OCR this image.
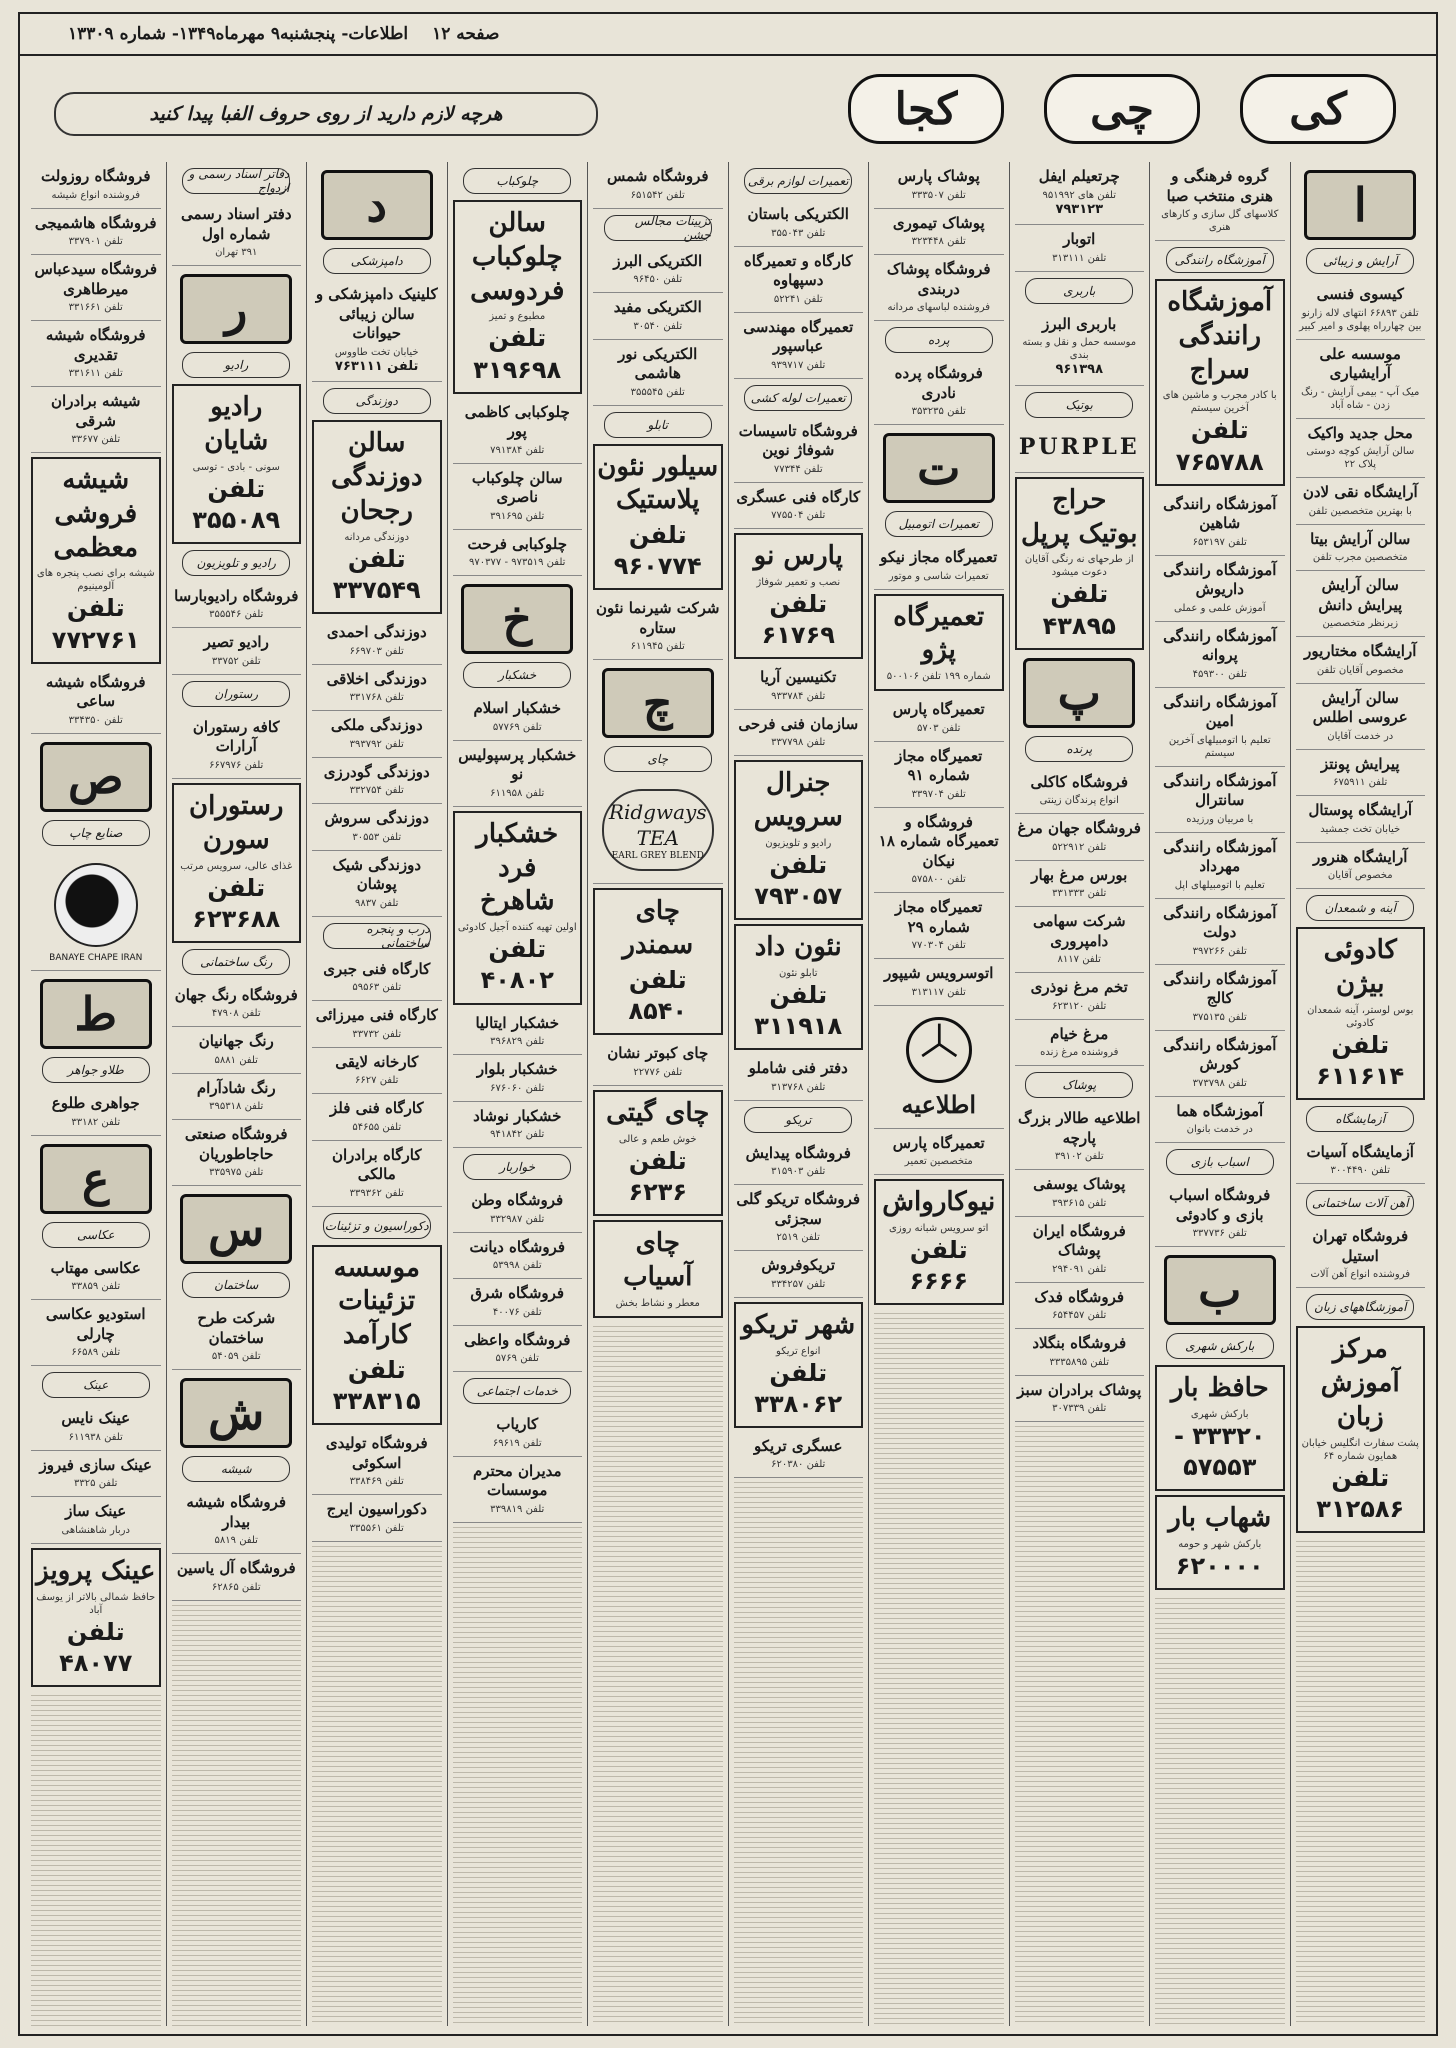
صفحه ۱۲
اطلاعات- پنجشنبه۹ مهرماه۱۳۴۹- شماره ۱۳۳۰۹
کی
چی
کجا
هرچه لازم دارید از روی حروف الفبا پیدا کنید
ا
آرایش و زیبائی
کیسوی فنسی
تلفن ۶۶۸۹۳ انتهای لاله زارنو بین چهارراه پهلوی و امیر کبیر
موسسه علی آرایشیاری
میک آپ - بیمی آرایش - رنگ زدن - شاه آباد
محل جدید واکیک
سالن آرایش کوچه دوستی پلاک ۲۲
آرایشگاه نقی لادن
با بهترین متخصصین تلفن
سالن آرایش بیتا
متخصصین مجرب تلفن
سالن آرایش پیرایش دانش
زیرنظر متخصصین
آرایشگاه مختاریور
مخصوص آقایان تلفن
سالن آرایش عروسی اطلس
در خدمت آقایان
پیرایش پونتز
تلفن ۶۷۵۹۱۱
آرایشگاه پوستال
خیابان تخت جمشید
آرایشگاه هنرور
مخصوص آقایان
آینه و شمعدان
کادوئی بیژن
بوس لوستر، آینه شمعدان کادوئی
تلفن ۶۱۱۶۱۴
آزمایشگاه
آزمایشگاه آسیات
تلفن ۳۰۰۴۴۹۰
آهن آلات ساختمانی
فروشگاه تهران استیل
فروشنده انواع آهن آلات
آموزشگاههای زبان
مرکز آموزش زبان
پشت سفارت انگلیس خیابان همایون شماره ۶۴
تلفن ۳۱۲۵۸۶
گروه فرهنگی و هنری منتخب صبا
کلاسهای گل سازی و کارهای هنری
آموزشگاه رانندگی
آموزشگاه رانندگی سراج
با کادر مجرب و ماشین های آخرین سیستم
تلفن ۷۶۵۷۸۸
آموزشگاه رانندگی شاهین
تلفن ۶۵۳۱۹۷
آموزشگاه رانندگی داریوش
آموزش علمی و عملی
آموزشگاه رانندگی پروانه
تلفن ۴۵۹۳۰۰
آموزشگاه رانندگی امین
تعلیم با اتومبیلهای آخرین سیستم
آموزشگاه رانندگی سانترال
با مربیان ورزیده
آموزشگاه رانندگی مهرداد
تعلیم با اتومبیلهای اپل
آموزشگاه رانندگی دولت
تلفن ۳۹۷۲۶۶
آموزشگاه رانندگی کالج
تلفن ۳۷۵۱۳۵
آموزشگاه رانندگی کورش
تلفن ۳۷۳۷۹۸
آموزشگاه هما
در خدمت بانوان
اسباب بازی
فروشگاه اسباب بازی و کادوئی
تلفن ۳۳۷۷۳۶
ب
بارکش شهری
حافظ بار
بارکش شهری
۳۳۳۲۰ - ۵۷۵۵۳
شهاب بار
بارکش شهر و حومه
۶۲۰۰۰۰
چرتعیلم ایفل
تلفن های ۹۵۱۹۹۲
۷۹۳۱۲۳
اتوبار
تلفن ۳۱۳۱۱۱
باربری
باربری البرز
موسسه حمل و نقل و بسته بندی
۹۶۱۳۹۸
بوتیک
PURPLE
حراج بوتیک پرپل
از طرحهای نه رنگی آقایان دعوت میشود
تلفن ۴۳۸۹۵
پ
پرنده
فروشگاه کاکلی
انواع پرندگان زینتی
فروشگاه جهان مرغ
تلفن ۵۲۲۹۱۲
بورس مرغ بهار
تلفن ۳۳۱۳۳۳
شرکت سهامی دامپروری
تلفن ۸۱۱۷
تخم مرغ نوذری
تلفن ۶۲۳۱۲۰
مرغ خیام
فروشنده مرغ زنده
پوشاک
اطلاعیه طالار بزرگ پارچه
تلفن ۳۹۱۰۲
پوشاک یوسفی
تلفن ۳۹۳۶۱۵
فروشگاه ایران پوشاک
تلفن ۲۹۴۰۹۱
فروشگاه فدک
تلفن ۶۵۴۴۵۷
فروشگاه بنگلاد
تلفن ۳۳۳۵۸۹۵
پوشاک برادران سبز
تلفن ۳۰۷۳۳۹
پوشاک پارس
تلفن ۳۳۳۵۰۷
پوشاک تیموری
تلفن ۳۲۳۴۴۸
فروشگاه پوشاک دربندی
فروشنده لباسهای مردانه
پرده
فروشگاه پرده نادری
تلفن ۳۵۳۲۳۵
ت
تعمیرات اتومبیل
تعمیرگاه مجاز نیکو
تعمیرات شاسی و موتور
تعمیرگاه پژو
شماره ۱۹۹ تلفن ۵۰۰۱۰۶
تعمیرگاه پارس
تلفن ۵۷۰۳
تعمیرگاه مجاز شماره ۹۱
تلفن ۳۳۹۷۰۴
فروشگاه و تعمیرگاه شماره ۱۸ نیکان
تلفن ۵۷۵۸۰۰
تعمیرگاه مجاز شماره ۲۹
تلفن ۷۷۰۳۰۴
اتوسرویس شیپور
تلفن ۳۱۳۱۱۷
اطلاعیه
تعمیرگاه پارس
متخصصین تعمیر
نیوکارواش
اتو سرویس شبانه روزی
تلفن ۶۶۶۶
تعمیرات لوازم برقی
الکتریکی باستان
تلفن ۳۵۵۰۴۳
کارگاه و تعمیرگاه دسپهاوه
تلفن ۵۲۲۴۱
تعمیرگاه مهندسی عباسپور
تلفن ۹۳۹۷۱۷
تعمیرات لوله کشی
فروشگاه تاسیسات شوفاژ نوین
تلفن ۷۷۳۴۴
کارگاه فنی عسگری
تلفن ۷۷۵۵۰۴
پارس نو
نصب و تعمیر شوفاژ
تلفن ۶۱۷۶۹
تکنیسین آریا
تلفن ۹۳۳۷۸۴
سازمان فنی فرحی
تلفن ۳۳۷۷۹۸
جنرال سرویس
رادیو و تلویزیون
تلفن ۷۹۳۰۵۷
نئون داد
تابلو نئون
تلفن ۳۱۱۹۱۸
دفتر فنی شاملو
تلفن ۳۱۳۷۶۸
تریکو
فروشگاه پیدایش
تلفن ۳۱۵۹۰۳
فروشگاه تریکو گلی سجزئی
تلفن ۲۵۱۹
تریکوفروش
تلفن ۳۳۴۲۵۷
شهر تریکو
انواع تریکو
تلفن ۳۳۸۰۶۲
عسگری تریکو
تلفن ۶۲۰۳۸۰
فروشگاه شمس
تلفن ۶۵۱۵۴۲
تزیینات مجالس جشن
الکتریکی البرز
تلفن ۹۶۴۵۰
الکتریکی مفید
تلفن ۳۰۵۴۰
الکتریکی نور هاشمی
تلفن ۳۵۵۵۴۵
تابلو
سیلور نئون پلاستیک
تلفن ۹۶۰۷۷۴
شرکت شیرنما نئون ستاره
تلفن ۶۱۱۹۴۵
چ
چای
Ridgways TEA
EARL GREY BLEND
چای سمندر
تلفن ۸۵۴۰
چای کبوتر نشان
تلفن ۲۲۷۷۶
چای گیتی
خوش طعم و عالی
تلفن ۶۲۳۶
چای آسیاب
معطر و نشاط بخش
چلوکباب
سالن چلوکباب فردوسی
مطبوع و تمیز
تلفن ۳۱۹۶۹۸
چلوکبابی کاظمی پور
تلفن ۷۹۱۳۸۴
سالن چلوکباب ناصری
تلفن ۳۹۱۶۹۵
چلوکبابی فرحت
تلفن ۹۷۳۵۱۹ - ۹۷۰۳۷۷
خ
خشکبار
خشکبار اسلام
تلفن ۵۷۷۶۹
خشکبار پرسپولیس نو
تلفن ۶۱۱۹۵۸
خشکبار فرد شاهرخ
اولین تهیه کننده آجیل کادوئی
تلفن ۴۰۸۰۲
خشکبار ایتالیا
تلفن ۳۹۶۸۲۹
خشکبار بلوار
تلفن ۶۷۶۰۶۰
خشکبار نوشاد
تلفن ۹۴۱۸۴۲
خواربار
فروشگاه وطن
تلفن ۳۳۲۹۸۷
فروشگاه دیانت
تلفن ۵۳۹۹۸
فروشگاه شرق
تلفن ۴۰۰۷۶
فروشگاه واعظی
تلفن ۵۷۶۹
خدمات اجتماعی
کاریاب
تلفن ۶۹۶۱۹
مدیران محترم موسسات
تلفن ۳۳۹۸۱۹
د
دامپزشکی
کلینیک دامپزشکی و سالن زیبائی حیوانات
خیابان تخت طاووس
تلفن ۷۶۳۱۱۱
دوزندگی
سالن دوزندگی رجحان
دوزندگی مردانه
تلفن ۳۳۷۵۴۹
دوزندگی احمدی
تلفن ۶۶۹۷۰۳
دوزندگی اخلاقی
تلفن ۳۳۱۷۶۸
دوزندگی ملکی
تلفن ۳۹۳۷۹۲
دوزندگی گودرزی
تلفن ۳۳۲۷۵۴
دوزندگی سروش
تلفن ۳۰۵۵۳
دوزندگی شیک پوشان
تلفن ۹۸۳۷
درب و پنجره ساختمانی
کارگاه فنی جبری
تلفن ۵۹۵۶۳
کارگاه فنی میرزائی
تلفن ۳۳۷۳۲
کارخانه لایقی
تلفن ۶۶۲۷
کارگاه فنی فلز
تلفن ۵۴۶۵۵
کارگاه برادران مالکی
تلفن ۳۳۹۳۶۲
دکوراسیون و تزئینات
موسسه تزئینات کارآمد
تلفن ۳۳۸۳۱۵
فروشگاه تولیدی اسکوئی
تلفن ۳۳۸۴۶۹
دکوراسیون ایرج
تلفن ۳۳۵۵۶۱
دفاتر اسناد رسمی و ازدواج
دفتر اسناد رسمی شماره اول
۳۹۱ تهران
ر
رادیو
رادیو شایان
سونی - بادی - توسی
تلفن ۳۵۵۰۸۹
رادیو و تلویزیون
فروشگاه رادیوبارسا
تلفن ۳۵۵۵۴۶
رادیو تصیر
تلفن ۳۳۷۵۲
رستوران
کافه رستوران آرارات
تلفن ۶۶۷۹۷۶
رستوران سورن
غذای عالی، سرویس مرتب
تلفن ۶۲۳۶۸۸
رنگ ساختمانی
فروشگاه رنگ جهان
تلفن ۴۷۹۰۸
رنگ جهانیان
تلفن ۵۸۸۱
رنگ شادآرام
تلفن ۳۹۵۳۱۸
فروشگاه صنعتی حاجاطوریان
تلفن ۳۳۵۹۷۵
س
ساختمان
شرکت طرح ساختمان
تلفن ۵۴۰۵۹
ش
شیشه
فروشگاه شیشه بیدار
تلفن ۵۸۱۹
فروشگاه آل یاسین
تلفن ۶۲۸۶۵
فروشگاه روزولت
فروشنده انواع شیشه
فروشگاه هاشمیجی
تلفن ۳۳۷۹۰۱
فروشگاه سیدعباس میرطاهری
تلفن ۳۳۱۶۶۱
فروشگاه شیشه تقدیری
تلفن ۳۳۱۶۱۱
شیشه برادران شرقی
تلفن ۳۳۶۷۷
شیشه فروشی معظمی
شیشه برای نصب پنجره های آلومینیوم
تلفن ۷۷۲۷۶۱
فروشگاه شیشه ساعی
تلفن ۳۳۴۳۵۰
ص
صنایع چاپ
BANAYE CHAPE IRAN
ط
طلاو جواهر
جواهری طلوع
تلفن ۳۳۱۸۲
ع
عکاسی
عکاسی مهتاب
تلفن ۳۳۸۵۹
استودیو عکاسی چارلی
تلفن ۶۶۵۸۹
عینک
عینک نایس
تلفن ۶۱۱۹۳۸
عینک سازی فیروز
تلفن ۳۳۲۵
عینک ساز
دربار شاهنشاهی
عینک پرویز
حافظ شمالی بالاتر از یوسف آباد
تلفن ۴۸۰۷۷
